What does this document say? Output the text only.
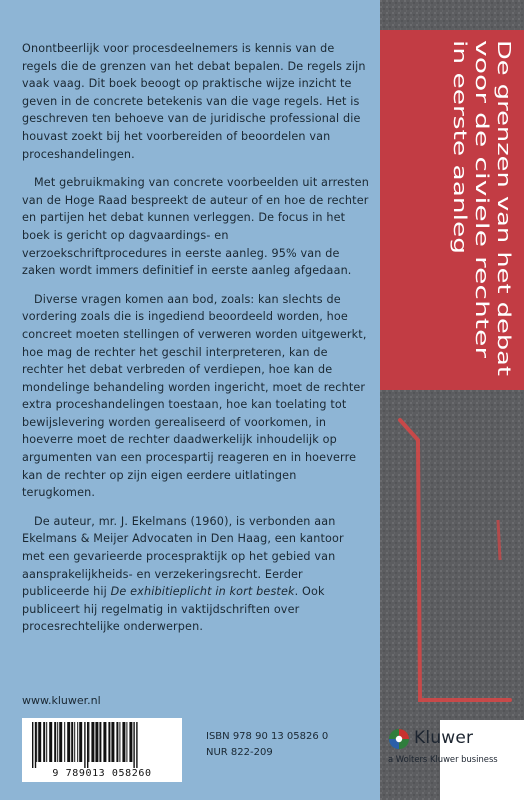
Onontbeerlijk voor procesdeelnemers is kennis van de regels die de grenzen van het debat bepalen. De regels zijn vaak vaag. Dit boek beoogt op praktische wijze inzicht te geven in de concrete betekenis van die vage regels. Het is geschreven ten behoeve van de juridische professional die houvast zoekt bij het voorbereiden of beoordelen van proceshandelingen.

Met gebruikmaking van concrete voorbeelden uit arresten van de Hoge Raad bespreekt de auteur of en hoe de rechter en partijen het debat kunnen verleggen. De focus in het boek is gericht op dagvaardings- en verzoekschriftprocedures in eerste aanleg. 95% van de zaken wordt immers definitief in eerste aanleg afgedaan.

Diverse vragen komen aan bod, zoals: kan slechts de vordering zoals die is ingediend beoordeeld worden, hoe concreet moeten stellingen of verweren worden uitgewerkt, hoe mag de rechter het geschil interpreteren, kan de rechter het debat verbreden of verdiepen, hoe kan de mondelinge behandeling worden ingericht, moet de rechter extra proceshandelingen toestaan, hoe kan toelating tot bewijslevering worden gerealiseerd of voorkomen, in hoeverre moet de rechter daadwerkelijk inhoudelijk op argumenten van een procespartij reageren en in hoeverre kan de rechter op zijn eigen eerdere uitlatingen terugkomen.

De auteur, mr. J. Ekelmans (1960), is verbonden aan Ekelmans & Meijer Advocaten in Den Haag, een kantoor met een gevarieerde procespraktijk op het gebied van aansprakelijkheids- en verzekeringsrecht. Eerder publiceerde hij De exhibitieplicht in kort bestek. Ook publiceert hij regelmatig in vaktijdschriften over procesrechtelijke onderwerpen.

www.kluwer.nl
9 789013 058260
ISBN 978 90 13 05826 0
NUR 822-209
De grenzen van het debat
voor de civiele rechter
in eerste aanleg
Kluwer
a Wolters Kluwer business
